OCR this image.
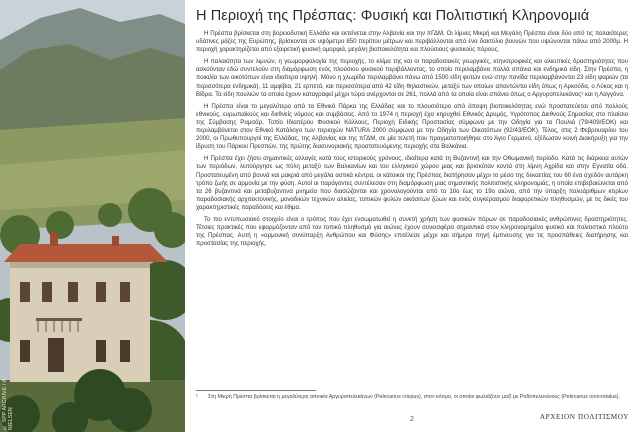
© SPP ARCHIVE / A. NIELSEN
Η Περιοχή της Πρέσπας: Φυσική και Πολιτιστική Κληρονομιά

Η Πρέσπα βρίσκεται στη βορειοδυτική Ελλάδα και εκτείνεται στην Αλβανία και την πΓΔΜ. Οι λίμνες Μικρή και Μεγάλη Πρέσπα είναι δύο από τις παλαιότερες υδάτινες μάζες της Ευρώπης, βρίσκονται σε υψόμετρο 850 περίπου μέτρων και περιβάλλονται από ένα δακτύλιο βουνών που υψώνονται πάνω από 2000μ. Η περιοχή χαρακτηρίζεται από εξαιρετική φυσική ομορφιά, μεγάλη βιοποικιλότητα και πλούσιους φυσικούς πόρους.

Η παλαιότητα των λιμνών, η γεωμορφολογία της περιοχής, το κλίμα της και οι παραδοσιακές γεωργικές, κτηνοτροφικές και αλιευτικές δραστηριότητες που ασκούνταν εδώ συντελούν στη διαμόρφωση ενός πλούσιου φυσικού περιβάλλοντος, το οποίο περιλαμβάνει πολλά σπάνια και ενδημικά είδη. Στην Πρέσπα, η ποικιλία των οικοτόπων είναι ιδιαίτερα υψηλή. Μόνο η χλωρίδα περιλαμβάνει πάνω από 1500 είδη φυτών ενώ στην πανίδα περιλαμβάνονται 23 είδη ψαριών (τα περισσότερα ενδημικά), 11 αμφίβια, 21 ερπετά, και περισσότερα από 42 είδη θηλαστικών, μεταξύ των οποίων απαντώνται είδη όπως η Αρκούδα, ο Λύκος και η Βίδρα. Τα είδη πουλιών τα οποία έχουν καταγραφεί μέχρι τώρα ανέρχονται σε 261, πολλά από τα οποία είναι σπάνια όπως ο Αργυροπελεκάνος¹ και η Λαγγόνα.

Η Πρέσπα είναι το μεγαλύτερο από τα Εθνικά Πάρκα της Ελλάδας και το πλουσιότερο από άποψη βιοποικιλότητας ενώ προστατεύεται από πολλούς εθνικούς, ευρωπαϊκούς και διεθνείς νόμους και συμβάσεις. Από το 1974 η περιοχή έχει κηρυχθεί Εθνικός Δρυμός, Υγρότοπος Διεθνούς Σημασίας στο πλαίσιο της Σύμβασης Ραμσάρ, Τοπίο Ιδιαιτέρου Φυσικού Κάλλους, Περιοχή Ειδικής Προστασίας σύμφωνα με την Οδηγία για τα Πουλιά (79/409/ΕΟΚ) και περιλαμβάνεται στον Εθνικό Κατάλογο των περιοχών NATURA 2000 σύμφωνα με την Οδηγία των Οικοτόπων (92/43/ΕΟΚ). Τέλος, στις 2 Φεβρουαρίου του 2000, οι Πρωθυπουργοί της Ελλάδας, της Αλβανίας και της πΓΔΜ, σε μία τελετή που πραγματοποιήθηκε στο Άγιο Γερμανό, εξέδωσαν κοινή Διακήρυξη για την ίδρυση του Πάρκου Πρεσπών, της πρώτης διασυνοριακής προστατευόμενης περιοχής στα Βαλκάνια.

Η Πρέσπα έχει ζήσει σημαντικές αλλαγές κατά τους ιστορικούς χρόνους, ιδιαίτερα κατά τη Βυζαντινή και την Οθωμανική περίοδο. Κατά τις διάρκεια αυτών των περιόδων, λειτούργησε ως πύλη μεταξύ των Βαλκανίων και του ελληνικού χώρου μιας και βρισκόταν κοντά στη λίμνη Αχρίδα και στην Εγνατία οδό. Προστατευμένη από βουνά και μακριά από μεγάλα αστικά κέντρα, οι κάτοικοι της Πρέσπας διατήρησαν μέχρι το μέσο της δεκαετίας του 60 ένα σχεδόν αυτάρκη τρόπο ζωής σε αρμονία με την φύση. Αυτοί οι παράγοντες συντέλεσαν στη διαμόρφωση μιας σημαντικής πολιτιστικής κληρονομιάς, η οποία επιβεβαιώνεται από τα 26 βυζαντινά και μεταβυζαντινά μνημεία που διασώζονται και χρονολογούνται από το 10ο έως το 19ο αιώνα, από την ύπαρξη πολυάριθμων κτιρίων παραδοσιακής αρχιτεκτονικής, μοναδικών τεχνικών αλιείας, τοπικών φυλών οικόσιτων ζώων και ενός συγκερασμού διαφορετικών πληθυσμών, με τις δικές του χαρακτηριστικές παραδόσεις και έθιμα.

Το πιο εντυπωσιακό στοιχείο είναι ο τρόπος που έχει ενσωματωθεί η συνετή χρήση των φυσικών πόρων σε παραδοσιακές ανθρώπινες δραστηριότητες. Τέτοιες πρακτικές που εφαρμόζονταν από τον τοπικό πληθυσμό για αιώνες έχουν συνεισφέρει σημαντικά στον κληρονομημένο φυσικό και πολιτιστικό πλούτο της Πρέσπας. Αυτή η «αρμονική συνύπαρξη Ανθρώπου και Φύσης» επιτέλεσε μέχρι και σήμερα πηγή έμπνευσης για τις προσπάθειες διατήρησης και προστασίας της περιοχής.

¹ Στη Μικρή Πρέσπα βρίσκεται η μεγαλύτερη αποικία Αργυροπελεκάνων (Pelecanus crispus), στον κόσμο, οι οποίοι φωλιάζουν μαζί με Ροδοπελεκάνους (Pelecanus onocrotalus).
2	ΑΡΧΕΙΟΝ ΠΟΛΙΤΙΣΜΟΥ
